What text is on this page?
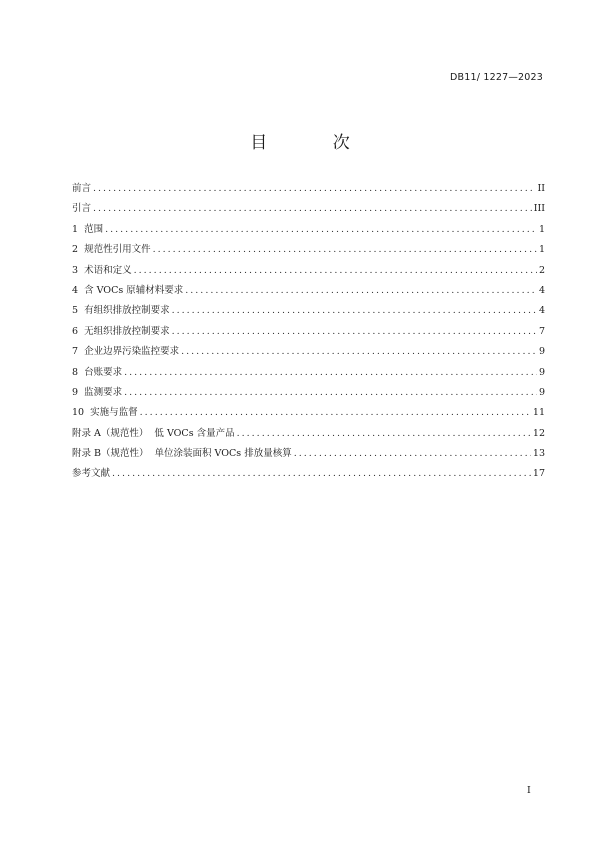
DB11/ 1227—2023
目 次
前言 .....	II
引言 .....	III
1  范围 .....	1
2  规范性引用文件 .....	1
3  术语和定义 .....	2
4  含 VOCs 原辅材料要求 .....	4
5  有组织排放控制要求 .....	4
6  无组织排放控制要求 .....	7
7  企业边界污染监控要求 .....	9
8  台账要求 .....	9
9  监测要求 .....	9
10  实施与监督 .....	11
附录 A（规范性）  低 VOCs 含量产品 .....	12
附录 B（规范性）  单位涂装面积 VOCs 排放量核算 .....	13
参考文献 .....	17
I
